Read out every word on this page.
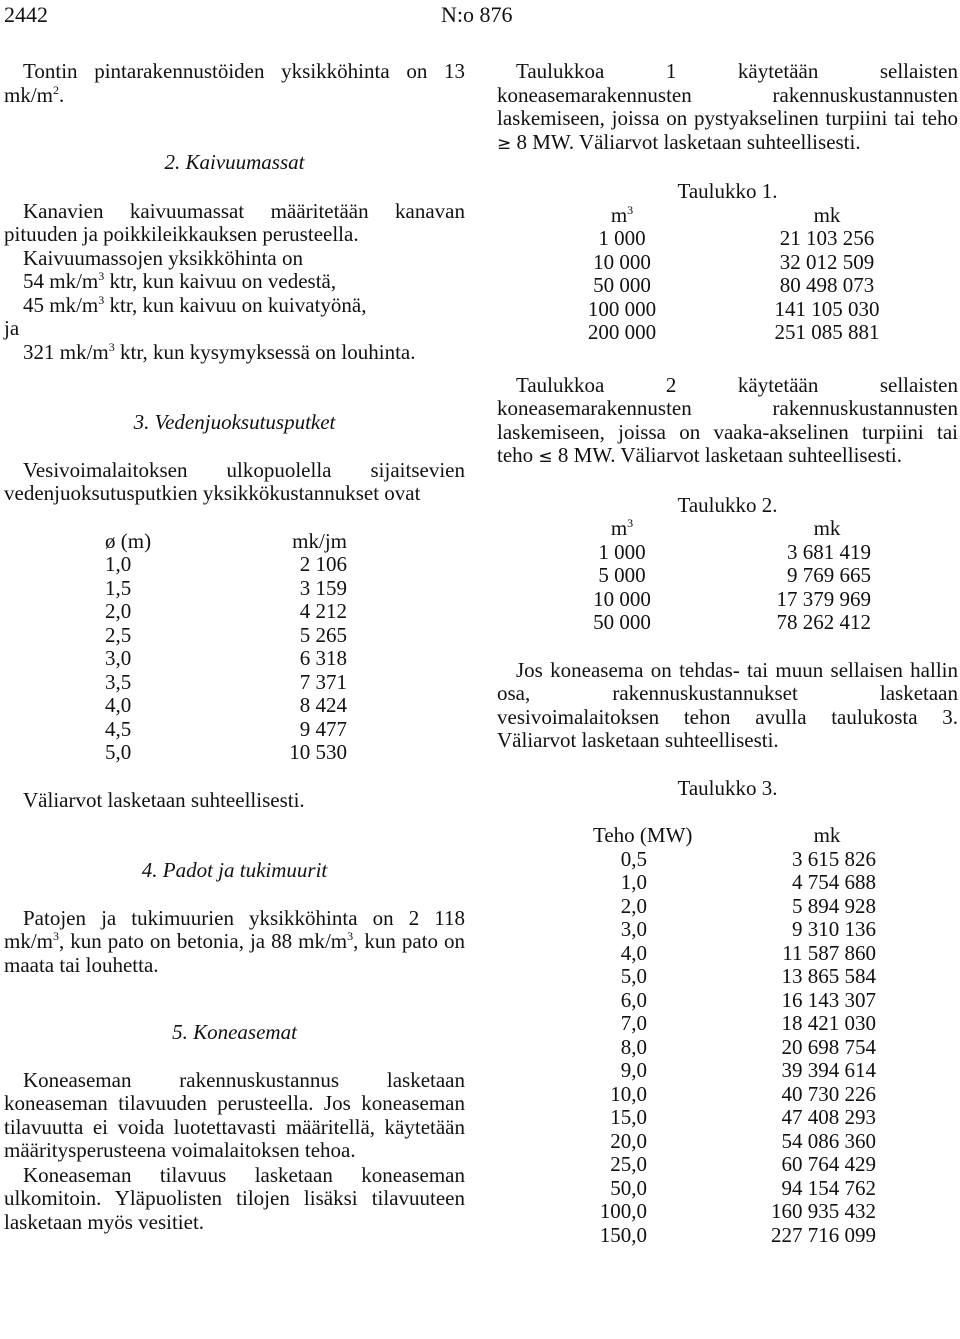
2442	N:o 876

Tontin pintarakennustöiden yksikköhinta on 13 $mk/m^2$.

2. Kaivuumassat

Kanavien kaivuumassat määritetään kanavan pituuden ja poikkileikkauksen perusteella.

Kaivuumassojen yksikköhinta on

54 $mk/m^3$ ktr, kun kaivuu on vedestä,

45 $mk/m^3$ ktr, kun kaivuu on kuivatyönä,

ja

321 $mk/m^3$ ktr, kun kysymyksessä on louhinta.

3. Vedenjuoksutusputket

Vesivoimalaitoksen ulkopuolella sijaitsevien vedenjuoksutusputkien yksikkökustannukset ovat

ø (m)	mk/jm
1,0	2 106
1,5	3 159
2,0	4 212
2,5	5 265
3,0	6 318
3,5	7 371
4,0	8 424
4,5	9 477
5,0	10 530

Väliarvot lasketaan suhteellisesti.

4. Padot ja tukimuurit

Patojen ja tukimuurien yksikköhinta on 2 118 $mk/m^3$, kun pato on betonia, ja 88 $mk/m^3$, kun pato on maata tai louhetta.

5. Koneasemat

Koneaseman rakennuskustannus lasketaan koneaseman tilavuuden perusteella. Jos koneaseman tilavuutta ei voida luotettavasti määritellä, käytetään määritysperusteena voimalaitoksen tehoa.

Koneaseman tilavuus lasketaan koneaseman ulkomitoin. Yläpuolisten tilojen lisäksi tilavuuteen lasketaan myös vesitiet.

Taulukkoa 1 käytetään sellaisten koneasemarakennusten rakennuskustannusten laskemiseen, joissa on pystyakselinen turpiini tai teho ≥ 8 MW. Väliarvot lasketaan suhteellisesti.

Taulukko 1.

$m^3$	mk
1 000	21 103 256
10 000	32 012 509
50 000	80 498 073
100 000	141 105 030
200 000	251 085 881

Taulukkoa 2 käytetään sellaisten koneasemarakennusten rakennuskustannusten laskemiseen, joissa on vaaka-akselinen turpiini tai teho ≤ 8 MW. Väliarvot lasketaan suhteellisesti.

Taulukko 2.

$m^3$	mk
1 000	3 681 419
5 000	9 769 665
10 000	17 379 969
50 000	78 262 412

Jos koneasema on tehdas- tai muun sellaisen hallin osa, rakennuskustannukset lasketaan vesivoimalaitoksen tehon avulla taulukosta 3. Väliarvot lasketaan suhteellisesti.

Taulukko 3.

Teho (MW)	mk
0,5	3 615 826
1,0	4 754 688
2,0	5 894 928
3,0	9 310 136
4,0	11 587 860
5,0	13 865 584
6,0	16 143 307
7,0	18 421 030
8,0	20 698 754
9,0	39 394 614
10,0	40 730 226
15,0	47 408 293
20,0	54 086 360
25,0	60 764 429
50,0	94 154 762
100,0	160 935 432
150,0	227 716 099
